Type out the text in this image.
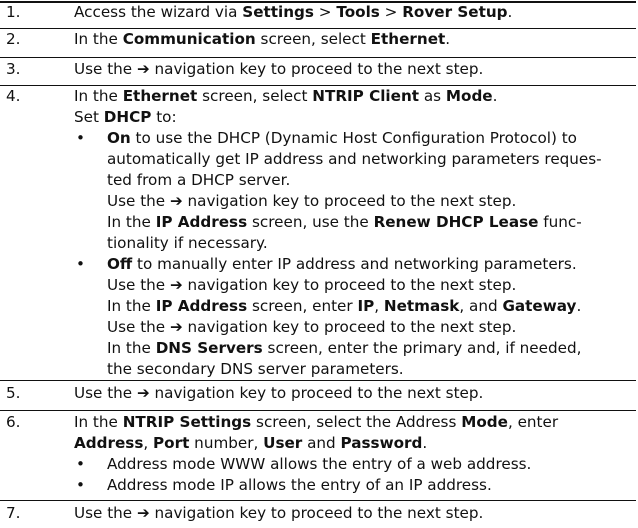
1.	Access the wizard via Settings > Tools > Rover Setup.
2.	In the Communication screen, select Ethernet.
3.	Use the ➔ navigation key to proceed to the next step.
4.	In the Ethernet screen, select NTRIP Client as Mode.
Set DHCP to:
• On to use the DHCP (Dynamic Host Configuration Protocol) to
automatically get IP address and networking parameters reques-
ted from a DHCP server.
Use the ➔ navigation key to proceed to the next step.
In the IP Address screen, use the Renew DHCP Lease func-
tionality if necessary.
• Off to manually enter IP address and networking parameters.
Use the ➔ navigation key to proceed to the next step.
In the IP Address screen, enter IP, Netmask, and Gateway.
Use the ➔ navigation key to proceed to the next step.
In the DNS Servers screen, enter the primary and, if needed,
the secondary DNS server parameters.
5.	Use the ➔ navigation key to proceed to the next step.
6.	In the NTRIP Settings screen, select the Address Mode, enter
Address, Port number, User and Password.
• Address mode WWW allows the entry of a web address.
• Address mode IP allows the entry of an IP address.
7.	Use the ➔ navigation key to proceed to the next step.
